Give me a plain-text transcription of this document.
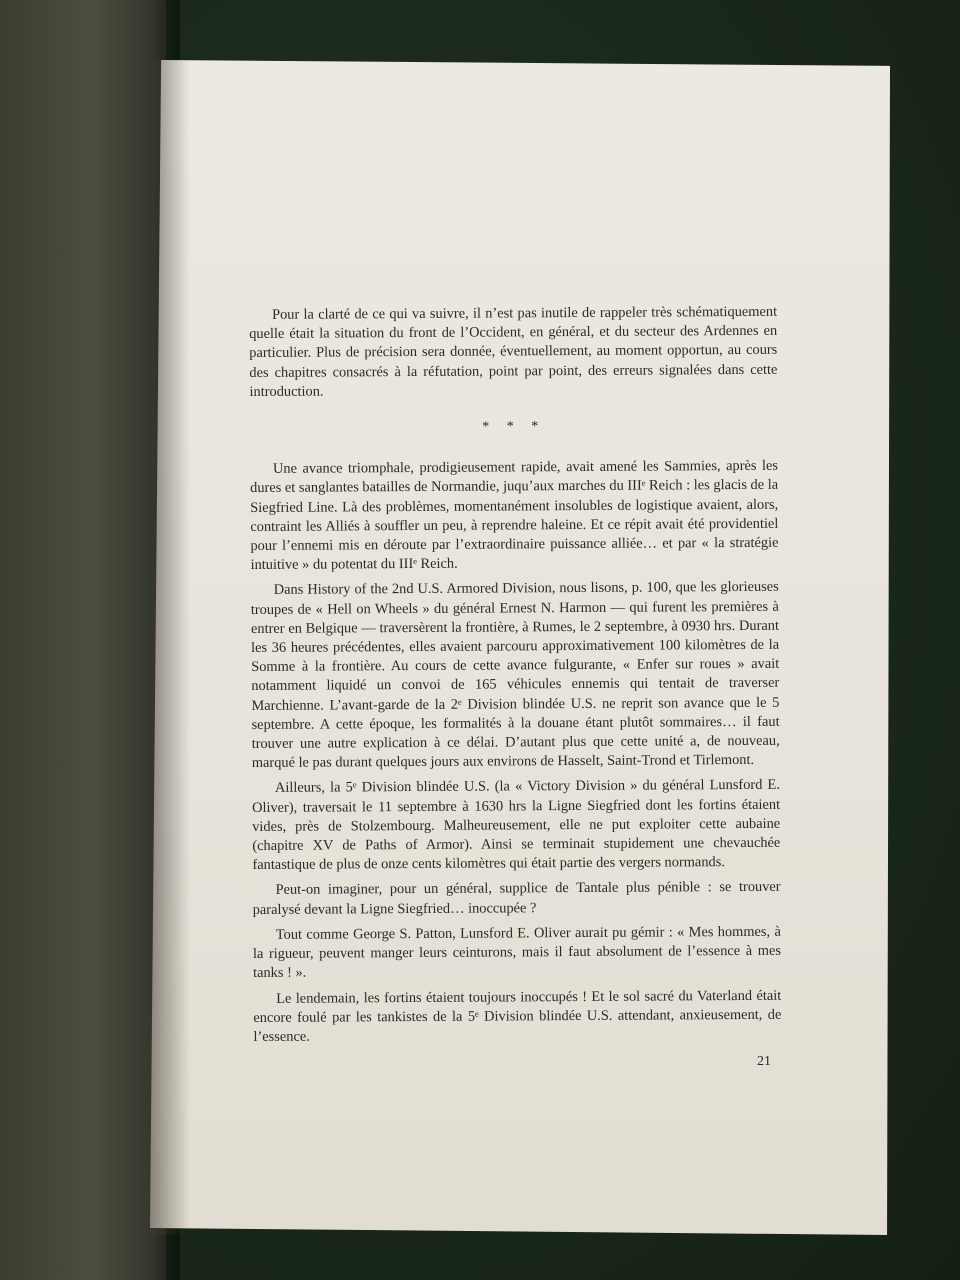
Pour la clarté de ce qui va suivre, il n’est pas inutile de rappeler très schématiquement quelle était la situation du front de l’Occident, en général, et du secteur des Ardennes en particulier. Plus de précision sera donnée, éventuellement, au moment opportun, au cours des chapitres consacrés à la réfutation, point par point, des erreurs signalées dans cette introduction.

* * *

Une avance triomphale, prodigieusement rapide, avait amené les Sammies, après les dures et sanglantes batailles de Normandie, juqu’aux marches du IIIᵉ Reich : les glacis de la Siegfried Line. Là des problèmes, momentanément insolubles de logistique avaient, alors, contraint les Alliés à souffler un peu, à reprendre haleine. Et ce répit avait été providentiel pour l’ennemi mis en déroute par l’extraordinaire puissance alliée… et par « la stratégie intuitive » du potentat du IIIᵉ Reich.

Dans History of the 2nd U.S. Armored Division, nous lisons, p. 100, que les glorieuses troupes de « Hell on Wheels » du général Ernest N. Harmon — qui furent les premières à entrer en Belgique — traversèrent la frontière, à Rumes, le 2 septembre, à 0930 hrs. Durant les 36 heures précédentes, elles avaient parcouru approximativement 100 kilomètres de la Somme à la frontière. Au cours de cette avance fulgurante, « Enfer sur roues » avait notamment liquidé un convoi de 165 véhicules ennemis qui tentait de traverser Marchienne. L’avant-garde de la 2ᵉ Division blindée U.S. ne reprit son avance que le 5 septembre. A cette époque, les formalités à la douane étant plutôt sommaires… il faut trouver une autre explication à ce délai. D’autant plus que cette unité a, de nouveau, marqué le pas durant quelques jours aux environs de Hasselt, Saint-Trond et Tirlemont.

Ailleurs, la 5ᵉ Division blindée U.S. (la « Victory Division » du général Lunsford E. Oliver), traversait le 11 septembre à 1630 hrs la Ligne Siegfried dont les fortins étaient vides, près de Stolzembourg. Malheureusement, elle ne put exploiter cette aubaine (chapitre XV de Paths of Armor). Ainsi se terminait stupidement une chevauchée fantastique de plus de onze cents kilomètres qui était partie des vergers normands.

Peut-on imaginer, pour un général, supplice de Tantale plus pénible : se trouver paralysé devant la Ligne Siegfried… inoccupée ?

Tout comme George S. Patton, Lunsford E. Oliver aurait pu gémir : « Mes hommes, à la rigueur, peuvent manger leurs ceinturons, mais il faut absolument de l’essence à mes tanks ! ».

Le lendemain, les fortins étaient toujours inoccupés ! Et le sol sacré du Vaterland était encore foulé par les tankistes de la 5ᵉ Division blindée U.S. attendant, anxieusement, de l’essence.

21
